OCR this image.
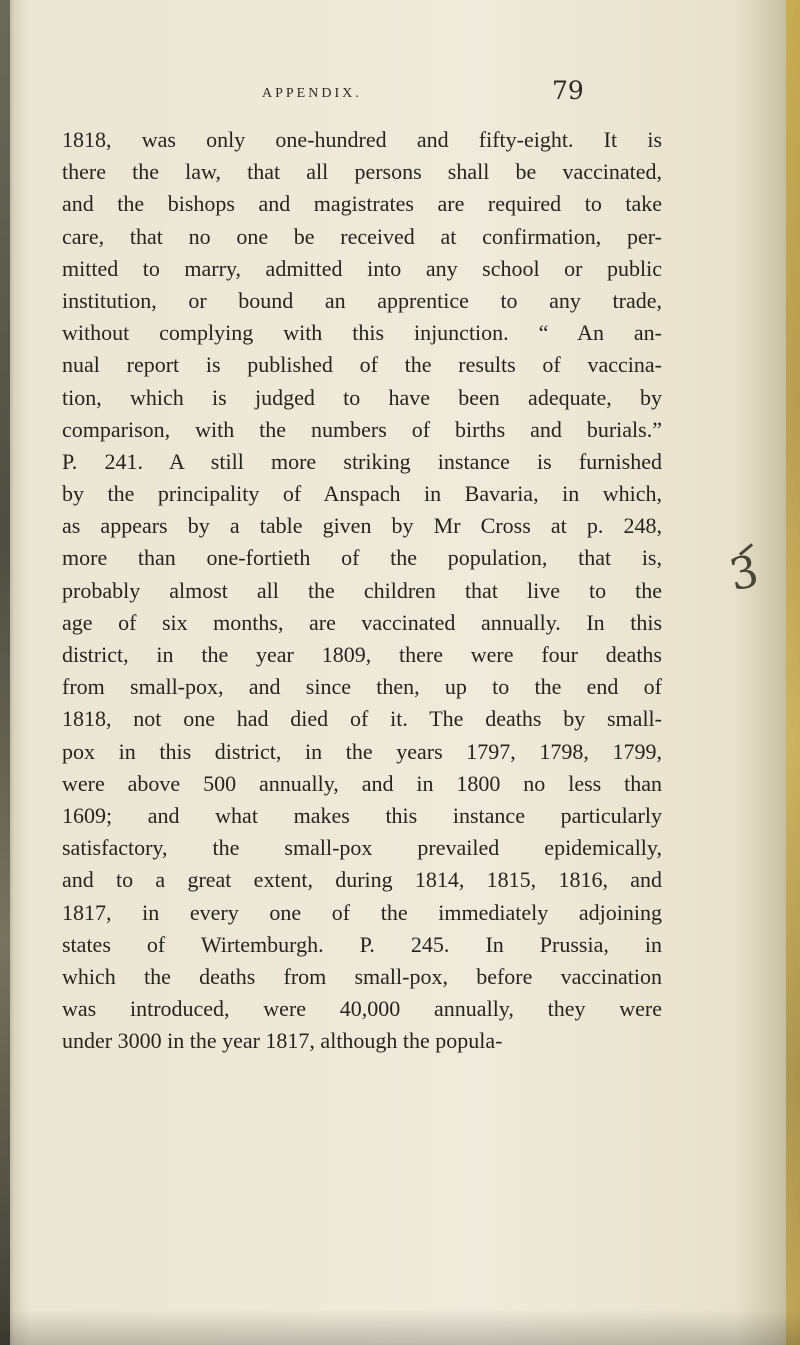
APPENDIX.	79
1818, was only one-hundred and fifty-eight. It is
there the law, that all persons shall be vaccinated,
and the bishops and magistrates are required to take
care, that no one be received at confirmation, per-
mitted to marry, admitted into any school or public
institution, or bound an apprentice to any trade,
without complying with this injunction. “ An an-
nual report is published of the results of vaccina-
tion, which is judged to have been adequate, by
comparison, with the numbers of births and burials.”
P. 241. A still more striking instance is furnished
by the principality of Anspach in Bavaria, in which,
as appears by a table given by Mr Cross at p. 248,
more than one-fortieth of the population, that is,
probably almost all the children that live to the
age of six months, are vaccinated annually. In this
district, in the year 1809, there were four deaths
from small-pox, and since then, up to the end of
1818, not one had died of it. The deaths by small-
pox in this district, in the years 1797, 1798, 1799,
were above 500 annually, and in 1800 no less than
1609; and what makes this instance particularly
satisfactory, the small-pox prevailed epidemically,
and to a great extent, during 1814, 1815, 1816, and
1817, in every one of the immediately adjoining
states of Wirtemburgh. P. 245. In Prussia, in
which the deaths from small-pox, before vaccination
was introduced, were 40,000 annually, they were
under 3000 in the year 1817, although the popula-
3
